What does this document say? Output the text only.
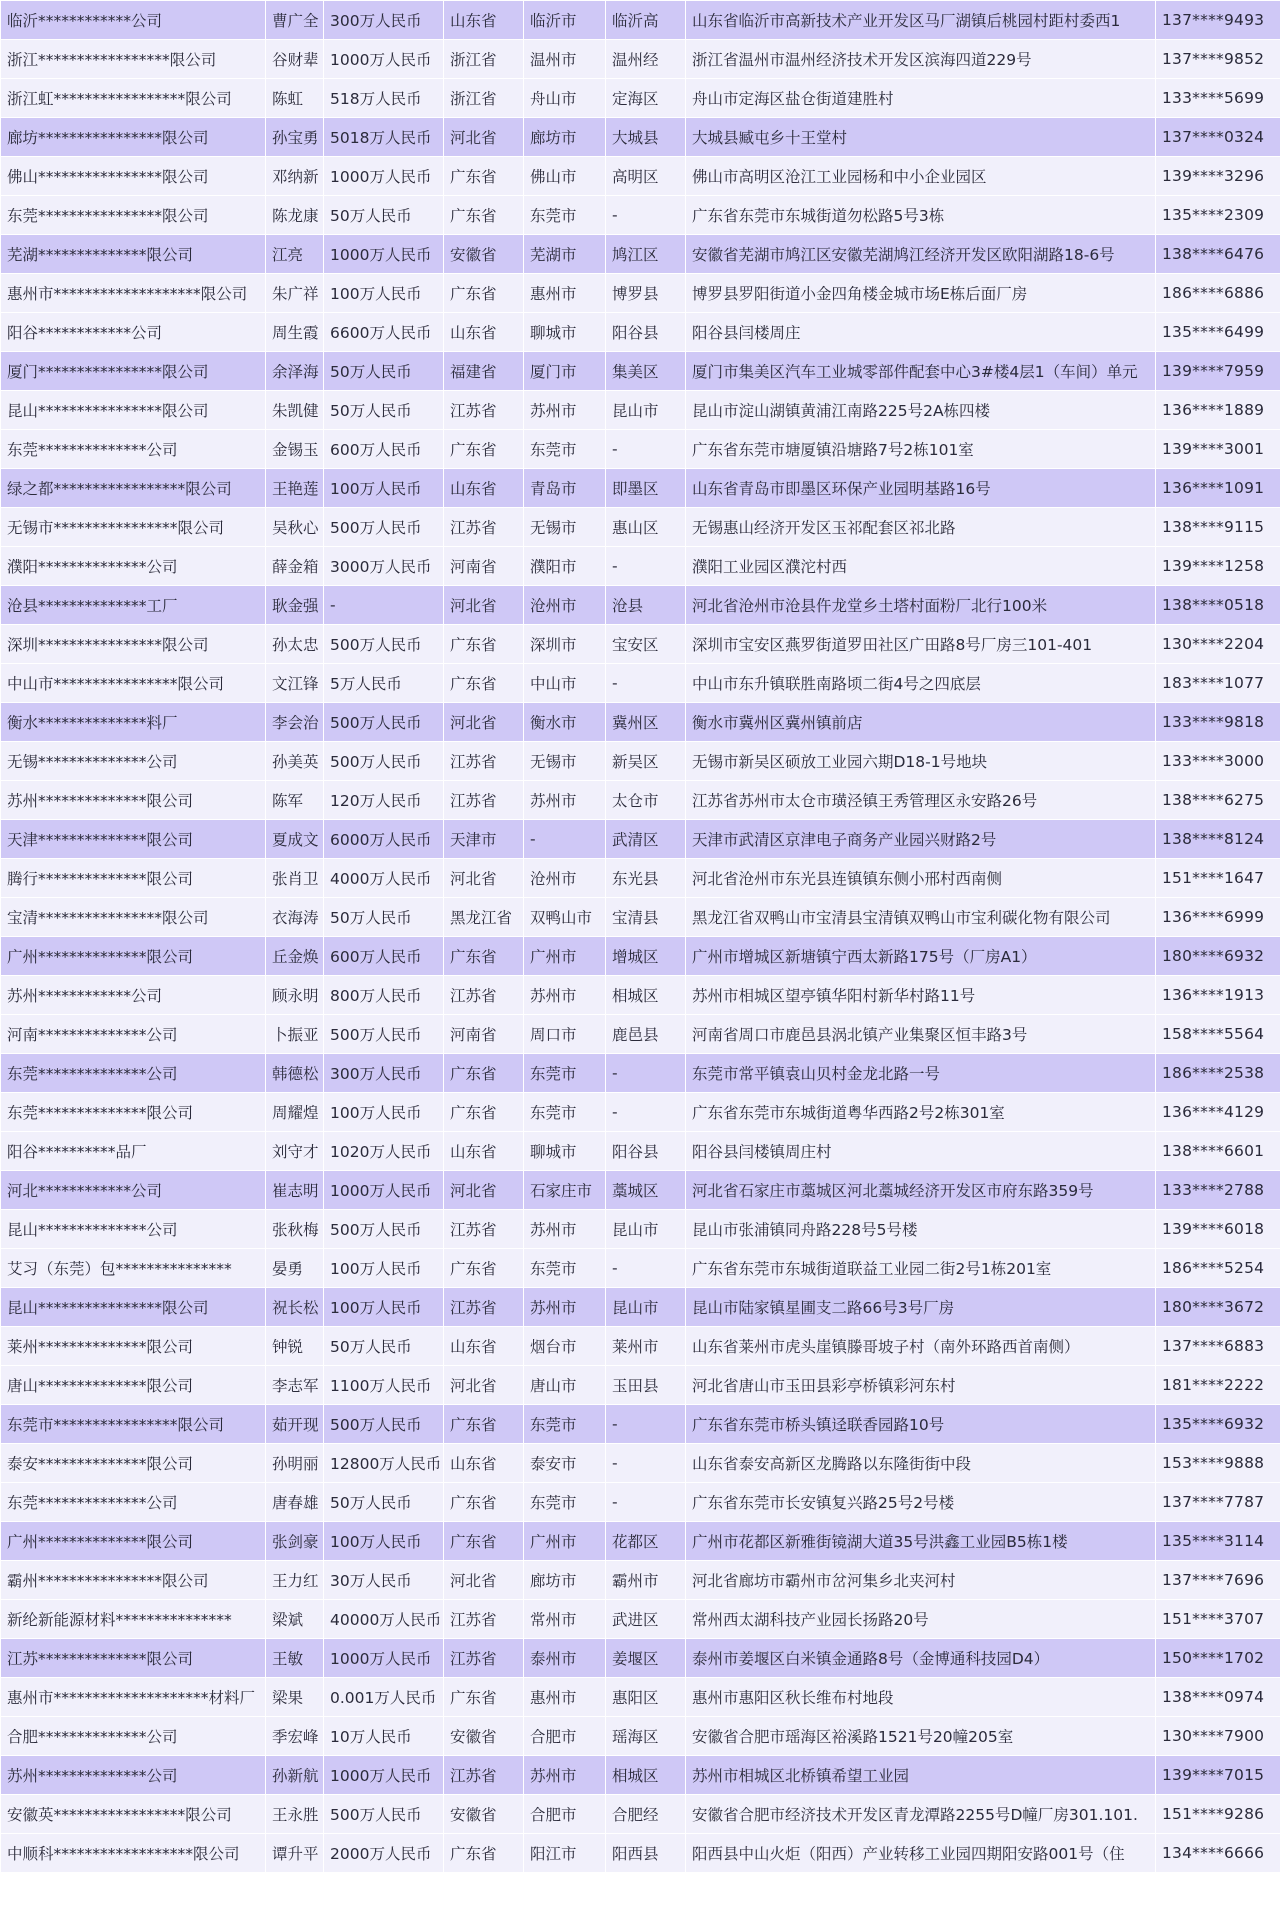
临沂************公司	曹广全	300万人民币	山东省	临沂市	临沂高	山东省临沂市高新技术产业开发区马厂湖镇后桃园村距村委西1	137****9493
浙江*****************限公司	谷财辈	1000万人民币	浙江省	温州市	温州经	浙江省温州市温州经济技术开发区滨海四道229号	137****9852
浙江虹*****************限公司	陈虹	518万人民币	浙江省	舟山市	定海区	舟山市定海区盐仓街道建胜村	133****5699
廊坊****************限公司	孙宝勇	5018万人民币	河北省	廊坊市	大城县	大城县臧屯乡十王堂村	137****0324
佛山****************限公司	邓纳新	1000万人民币	广东省	佛山市	高明区	佛山市高明区沧江工业园杨和中小企业园区	139****3296
东莞****************限公司	陈龙康	50万人民币	广东省	东莞市	-	广东省东莞市东城街道勿松路5号3栋	135****2309
芜湖**************限公司	江亮	1000万人民币	安徽省	芜湖市	鸠江区	安徽省芜湖市鸠江区安徽芜湖鸠江经济开发区欧阳湖路18-6号	138****6476
惠州市*******************限公司	朱广祥	100万人民币	广东省	惠州市	博罗县	博罗县罗阳街道小金四角楼金城市场E栋后面厂房	186****6886
阳谷************公司	周生霞	6600万人民币	山东省	聊城市	阳谷县	阳谷县闫楼周庄	135****6499
厦门****************限公司	余泽海	50万人民币	福建省	厦门市	集美区	厦门市集美区汽车工业城零部件配套中心3#楼4层1（车间）单元	139****7959
昆山****************限公司	朱凯健	50万人民币	江苏省	苏州市	昆山市	昆山市淀山湖镇黄浦江南路225号2A栋四楼	136****1889
东莞**************公司	金锡玉	600万人民币	广东省	东莞市	-	广东省东莞市塘厦镇沿塘路7号2栋101室	139****3001
绿之都*****************限公司	王艳莲	100万人民币	山东省	青岛市	即墨区	山东省青岛市即墨区环保产业园明基路16号	136****1091
无锡市****************限公司	吴秋心	500万人民币	江苏省	无锡市	惠山区	无锡惠山经济开发区玉祁配套区祁北路	138****9115
濮阳**************公司	薛金箱	3000万人民币	河南省	濮阳市	-	濮阳工业园区濮沱村西	139****1258
沧县**************工厂	耿金强	-	河北省	沧州市	沧县	河北省沧州市沧县仵龙堂乡土塔村面粉厂北行100米	138****0518
深圳****************限公司	孙太忠	500万人民币	广东省	深圳市	宝安区	深圳市宝安区燕罗街道罗田社区广田路8号厂房三101-401	130****2204
中山市****************限公司	文江锋	5万人民币	广东省	中山市	-	中山市东升镇联胜南路顷二街4号之四底层	183****1077
衡水**************料厂	李会治	500万人民币	河北省	衡水市	冀州区	衡水市冀州区冀州镇前店	133****9818
无锡**************公司	孙美英	500万人民币	江苏省	无锡市	新吴区	无锡市新吴区硕放工业园六期D18-1号地块	133****3000
苏州**************限公司	陈军	120万人民币	江苏省	苏州市	太仓市	江苏省苏州市太仓市璜泾镇王秀管理区永安路26号	138****6275
天津**************限公司	夏成文	6000万人民币	天津市	-	武清区	天津市武清区京津电子商务产业园兴财路2号	138****8124
腾行**************限公司	张肖卫	4000万人民币	河北省	沧州市	东光县	河北省沧州市东光县连镇镇东侧小邢村西南侧	151****1647
宝清****************限公司	衣海涛	50万人民币	黑龙江省	双鸭山市	宝清县	黑龙江省双鸭山市宝清县宝清镇双鸭山市宝利碳化物有限公司	136****6999
广州**************限公司	丘金焕	600万人民币	广东省	广州市	增城区	广州市增城区新塘镇宁西太新路175号（厂房A1）	180****6932
苏州************公司	顾永明	800万人民币	江苏省	苏州市	相城区	苏州市相城区望亭镇华阳村新华村路11号	136****1913
河南**************公司	卜振亚	500万人民币	河南省	周口市	鹿邑县	河南省周口市鹿邑县涡北镇产业集聚区恒丰路3号	158****5564
东莞**************公司	韩德松	300万人民币	广东省	东莞市	-	东莞市常平镇袁山贝村金龙北路一号	186****2538
东莞**************限公司	周耀煌	100万人民币	广东省	东莞市	-	广东省东莞市东城街道粤华西路2号2栋301室	136****4129
阳谷**********品厂	刘守才	1020万人民币	山东省	聊城市	阳谷县	阳谷县闫楼镇周庄村	138****6601
河北************公司	崔志明	1000万人民币	河北省	石家庄市	藁城区	河北省石家庄市藁城区河北藁城经济开发区市府东路359号	133****2788
昆山**************公司	张秋梅	500万人民币	江苏省	苏州市	昆山市	昆山市张浦镇同舟路228号5号楼	139****6018
艾习（东莞）包***************	晏勇	100万人民币	广东省	东莞市	-	广东省东莞市东城街道联益工业园二街2号1栋201室	186****5254
昆山****************限公司	祝长松	100万人民币	江苏省	苏州市	昆山市	昆山市陆家镇星圃支二路66号3号厂房	180****3672
莱州**************限公司	钟锐	50万人民币	山东省	烟台市	莱州市	山东省莱州市虎头崖镇滕哥坡子村（南外环路西首南侧）	137****6883
唐山**************限公司	李志军	1100万人民币	河北省	唐山市	玉田县	河北省唐山市玉田县彩亭桥镇彩河东村	181****2222
东莞市****************限公司	茹开现	500万人民币	广东省	东莞市	-	广东省东莞市桥头镇迳联香园路10号	135****6932
泰安**************限公司	孙明丽	12800万人民币	山东省	泰安市	-	山东省泰安高新区龙腾路以东隆街街中段	153****9888
东莞**************公司	唐春雄	50万人民币	广东省	东莞市	-	广东省东莞市长安镇复兴路25号2号楼	137****7787
广州**************限公司	张剑豪	100万人民币	广东省	广州市	花都区	广州市花都区新雅街镜湖大道35号洪鑫工业园B5栋1楼	135****3114
霸州****************限公司	王力红	30万人民币	河北省	廊坊市	霸州市	河北省廊坊市霸州市岔河集乡北夹河村	137****7696
新纶新能源材料***************	梁斌	40000万人民币	江苏省	常州市	武进区	常州西太湖科技产业园长扬路20号	151****3707
江苏**************限公司	王敏	1000万人民币	江苏省	泰州市	姜堰区	泰州市姜堰区白米镇金通路8号（金博通科技园D4）	150****1702
惠州市********************材料厂	梁果	0.001万人民币	广东省	惠州市	惠阳区	惠州市惠阳区秋长维布村地段	138****0974
合肥**************公司	季宏峰	10万人民币	安徽省	合肥市	瑶海区	安徽省合肥市瑶海区裕溪路1521号20幢205室	130****7900
苏州**************公司	孙新航	1000万人民币	江苏省	苏州市	相城区	苏州市相城区北桥镇希望工业园	139****7015
安徽英*****************限公司	王永胜	500万人民币	安徽省	合肥市	合肥经	安徽省合肥市经济技术开发区青龙潭路2255号D幢厂房301.101.	151****9286
中顺科******************限公司	谭升平	2000万人民币	广东省	阳江市	阳西县	阳西县中山火炬（阳西）产业转移工业园四期阳安路001号（住	134****6666
